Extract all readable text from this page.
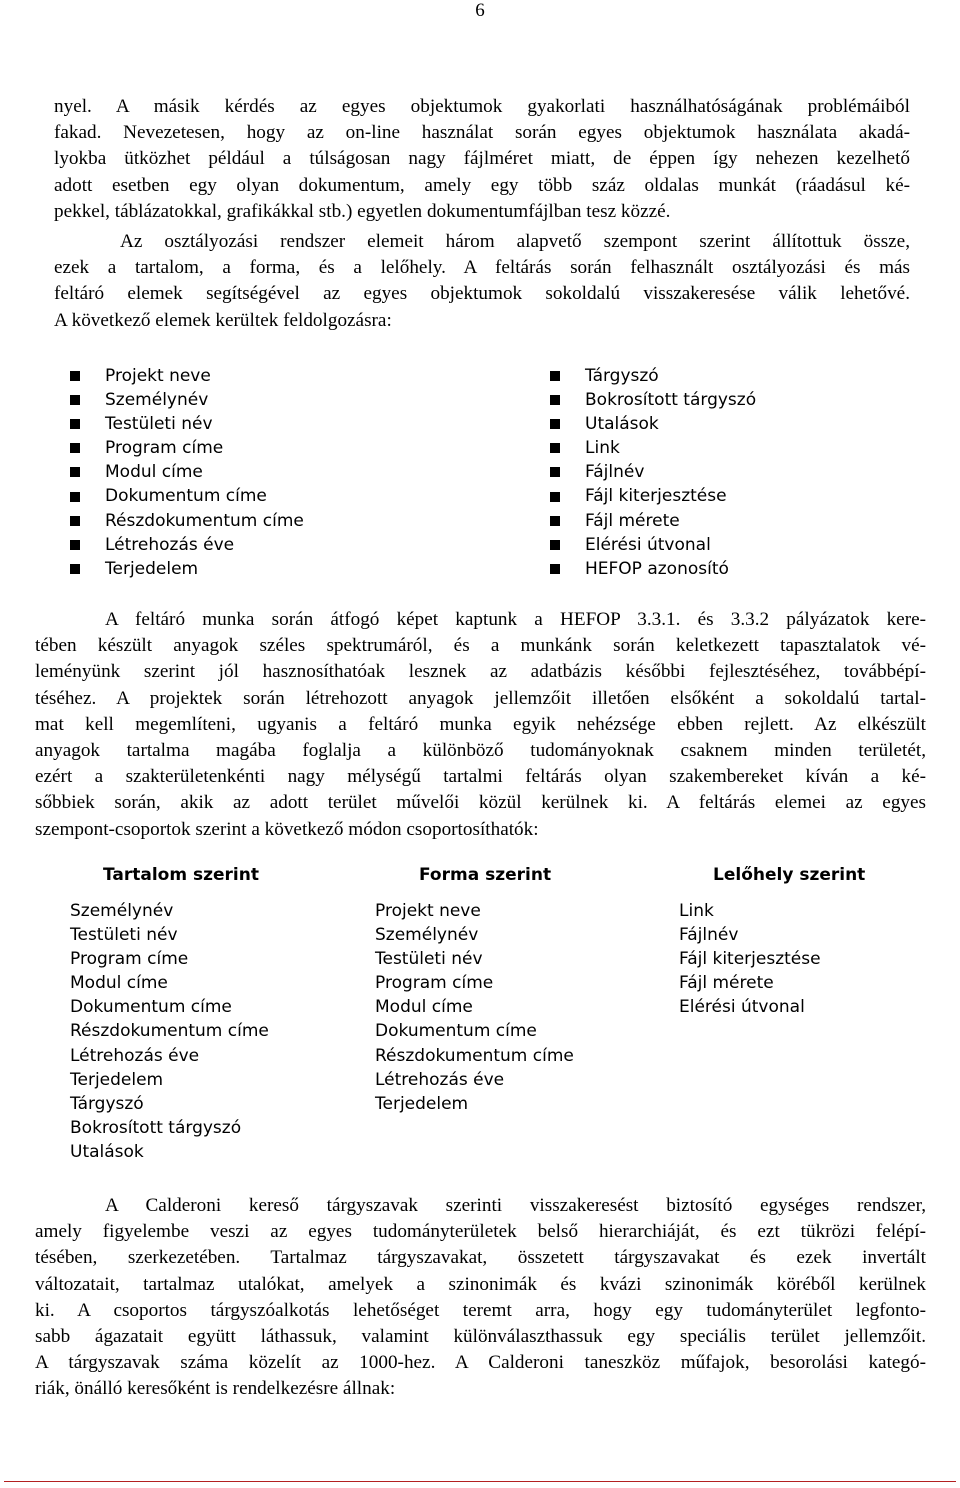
6

nyel. A másik kérdés az egyes objektumok gyakorlati használhatóságának problémáiból
fakad. Nevezetesen, hogy az on-line használat során egyes objektumok használata akadá-
lyokba ütközhet például a túlságosan nagy fájlméret miatt, de éppen így nehezen kezelhető
adott esetben egy olyan dokumentum, amely egy több száz oldalas munkát (ráadásul ké-
pekkel, táblázatokkal, grafikákkal stb.) egyetlen dokumentumfájlban tesz közzé.

Az osztályozási rendszer elemeit három alapvető szempont szerint állítottuk össze,
ezek a tartalom, a forma, és a lelőhely. A feltárás során felhasznált osztályozási és más
feltáró elemek segítségével az egyes objektumok sokoldalú visszakeresése válik lehetővé.
A következő elemek kerültek feldolgozásra:

Projekt neve
Személynév
Testületi név
Program címe
Modul címe
Dokumentum címe
Részdokumentum címe
Létrehozás éve
Terjedelem
Tárgyszó
Bokrosított tárgyszó
Utalások
Link
Fájlnév
Fájl kiterjesztése
Fájl mérete
Elérési útvonal
HEFOP azonosító

A feltáró munka során átfogó képet kaptunk a HEFOP 3.3.1. és 3.3.2 pályázatok kere-
tében készült anyagok széles spektrumáról, és a munkánk során keletkezett tapasztalatok vé-
leményünk szerint jól hasznosíthatóak lesznek az adatbázis későbbi fejlesztéséhez, továbbépí-
téséhez. A projektek során létrehozott anyagok jellemzőit illetően elsőként a sokoldalú tartal-
mat kell megemlíteni, ugyanis a feltáró munka egyik nehézsége ebben rejlett. Az elkészült
anyagok tartalma magába foglalja a különböző tudományoknak csaknem minden területét,
ezért a szakterületenkénti nagy mélységű tartalmi feltárás olyan szakembereket kíván a ké-
sőbbiek során, akik az adott terület művelői közül kerülnek ki. A feltárás elemei az egyes
szempont-csoportok szerint a következő módon csoportosíthatók:

Tartalom szerint	Forma szerint	Lelőhely szerint
Személynév
Testületi név
Program címe
Modul címe
Dokumentum címe
Részdokumentum címe
Létrehozás éve
Terjedelem
Tárgyszó
Bokrosított tárgyszó
Utalások
Projekt neve
Személynév
Testületi név
Program címe
Modul címe
Dokumentum címe
Részdokumentum címe
Létrehozás éve
Terjedelem
Link
Fájlnév
Fájl kiterjesztése
Fájl mérete
Elérési útvonal

A Calderoni kereső tárgyszavak szerinti visszakeresést biztosító egységes rendszer,
amely figyelembe veszi az egyes tudományterületek belső hierarchiáját, és ezt tükrözi felépí-
tésében, szerkezetében. Tartalmaz tárgyszavakat, összetett tárgyszavakat és ezek invertált
változatait, tartalmaz utalókat, amelyek a szinonimák és kvázi szinonimák köréből kerülnek
ki. A csoportos tárgyszóalkotás lehetőséget teremt arra, hogy egy tudományterület legfonto-
sabb ágazatait együtt láthassuk, valamint különválaszthassuk egy speciális terület jellemzőit.
A tárgyszavak száma közelít az 1000-hez. A Calderoni taneszköz műfajok, besorolási kategó-
riák, önálló keresőként is rendelkezésre állnak:
